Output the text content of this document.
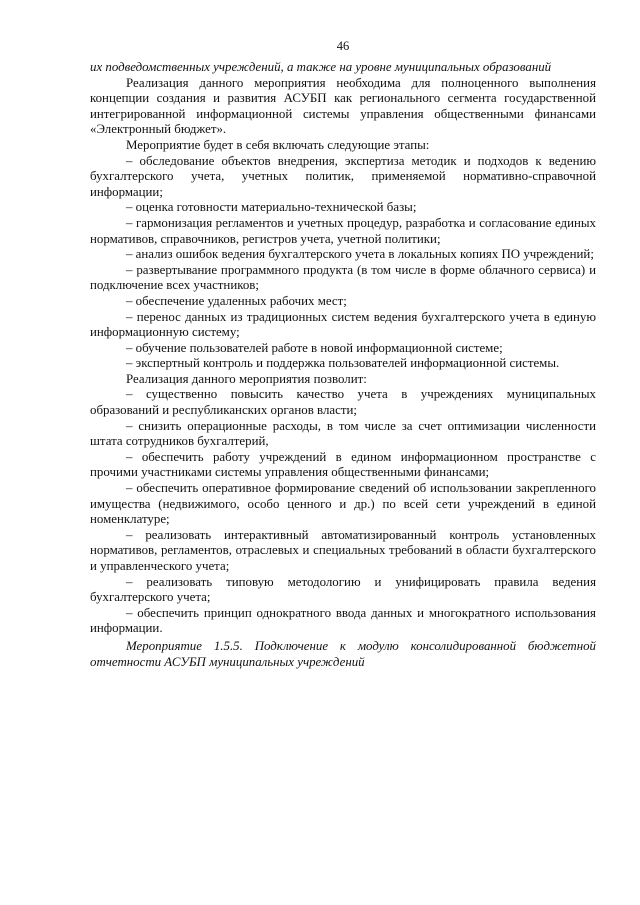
46

их подведомственных учреждений, а также на уровне муниципальных образований

Реализация данного мероприятия необходима для полноценного выполнения концепции создания и развития АСУБП как регионального сегмента государственной интегрированной информационной системы управления общественными финансами «Электронный бюджет».

Мероприятие будет в себя включать следующие этапы:

– обследование объектов внедрения, экспертиза методик и подходов к ведению бухгалтерского учета, учетных политик, применяемой нормативно-справочной информации;

– оценка готовности материально-технической базы;

– гармонизация регламентов и учетных процедур, разработка и согласование единых нормативов, справочников, регистров учета, учетной политики;

– анализ ошибок ведения бухгалтерского учета в локальных копиях ПО учреждений;

– развертывание программного продукта (в том числе в форме облачного сервиса) и подключение всех участников;

– обеспечение удаленных рабочих мест;

– перенос данных из традиционных систем ведения бухгалтерского учета в единую информационную систему;

– обучение пользователей работе в новой информационной системе;

– экспертный контроль и поддержка пользователей информационной системы.

Реализация данного мероприятия позволит:

– существенно повысить качество учета в учреждениях муниципальных образований и республиканских органов власти;

– снизить операционные расходы, в том числе за счет оптимизации численности штата сотрудников бухгалтерий,

– обеспечить работу учреждений в едином информационном пространстве с прочими участниками системы управления общественными финансами;

– обеспечить оперативное формирование сведений об использовании закрепленного имущества (недвижимого, особо ценного и др.) по всей сети учреждений в единой номенклатуре;

– реализовать интерактивный автоматизированный контроль установленных нормативов, регламентов, отраслевых и специальных требований в области бухгалтерского и управленческого учета;

– реализовать типовую методологию и унифицировать правила ведения бухгалтерского учета;

– обеспечить принцип однократного ввода данных и многократного использования информации.

Мероприятие 1.5.5. Подключение к модулю консолидированной бюджетной отчетности АСУБП муниципальных учреждений
